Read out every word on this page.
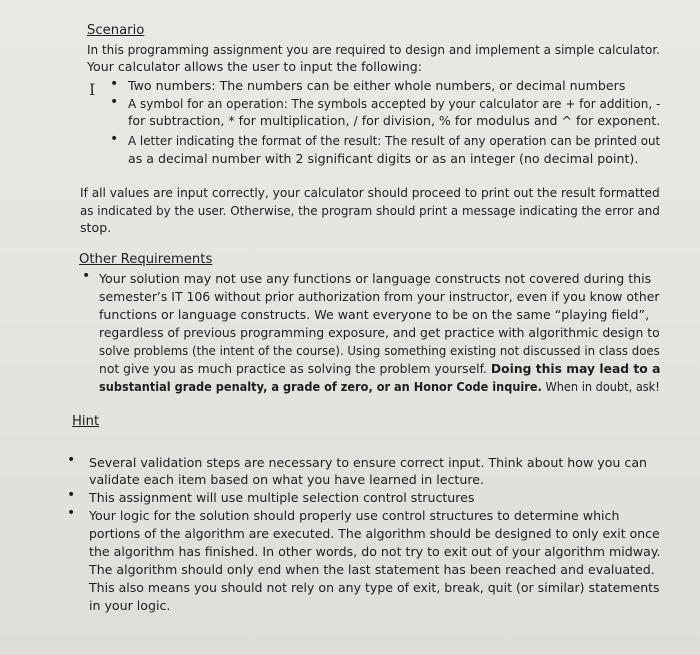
Scenario
In this programming assignment you are required to design and implement a simple calculator.
Your calculator allows the user to input the following:
I • Two numbers: The numbers can be either whole numbers, or decimal numbers
• A symbol for an operation: The symbols accepted by your calculator are + for addition, -
for subtraction, * for multiplication, / for division, % for modulus and ^ for exponent.
• A letter indicating the format of the result: The result of any operation can be printed out
as a decimal number with 2 significant digits or as an integer (no decimal point).
If all values are input correctly, your calculator should proceed to print out the result formatted
as indicated by the user. Otherwise, the program should print a message indicating the error and
stop.
Other Requirements
• Your solution may not use any functions or language constructs not covered during this
semester’s IT 106 without prior authorization from your instructor, even if you know other
functions or language constructs. We want everyone to be on the same “playing field”,
regardless of previous programming exposure, and get practice with algorithmic design to
solve problems (the intent of the course). Using something existing not discussed in class does
not give you as much practice as solving the problem yourself. Doing this may lead to a
substantial grade penalty, a grade of zero, or an Honor Code inquire. When in doubt, ask!
Hint
• Several validation steps are necessary to ensure correct input. Think about how you can
validate each item based on what you have learned in lecture.
• This assignment will use multiple selection control structures
• Your logic for the solution should properly use control structures to determine which
portions of the algorithm are executed. The algorithm should be designed to only exit once
the algorithm has finished. In other words, do not try to exit out of your algorithm midway.
The algorithm should only end when the last statement has been reached and evaluated.
This also means you should not rely on any type of exit, break, quit (or similar) statements
in your logic.
